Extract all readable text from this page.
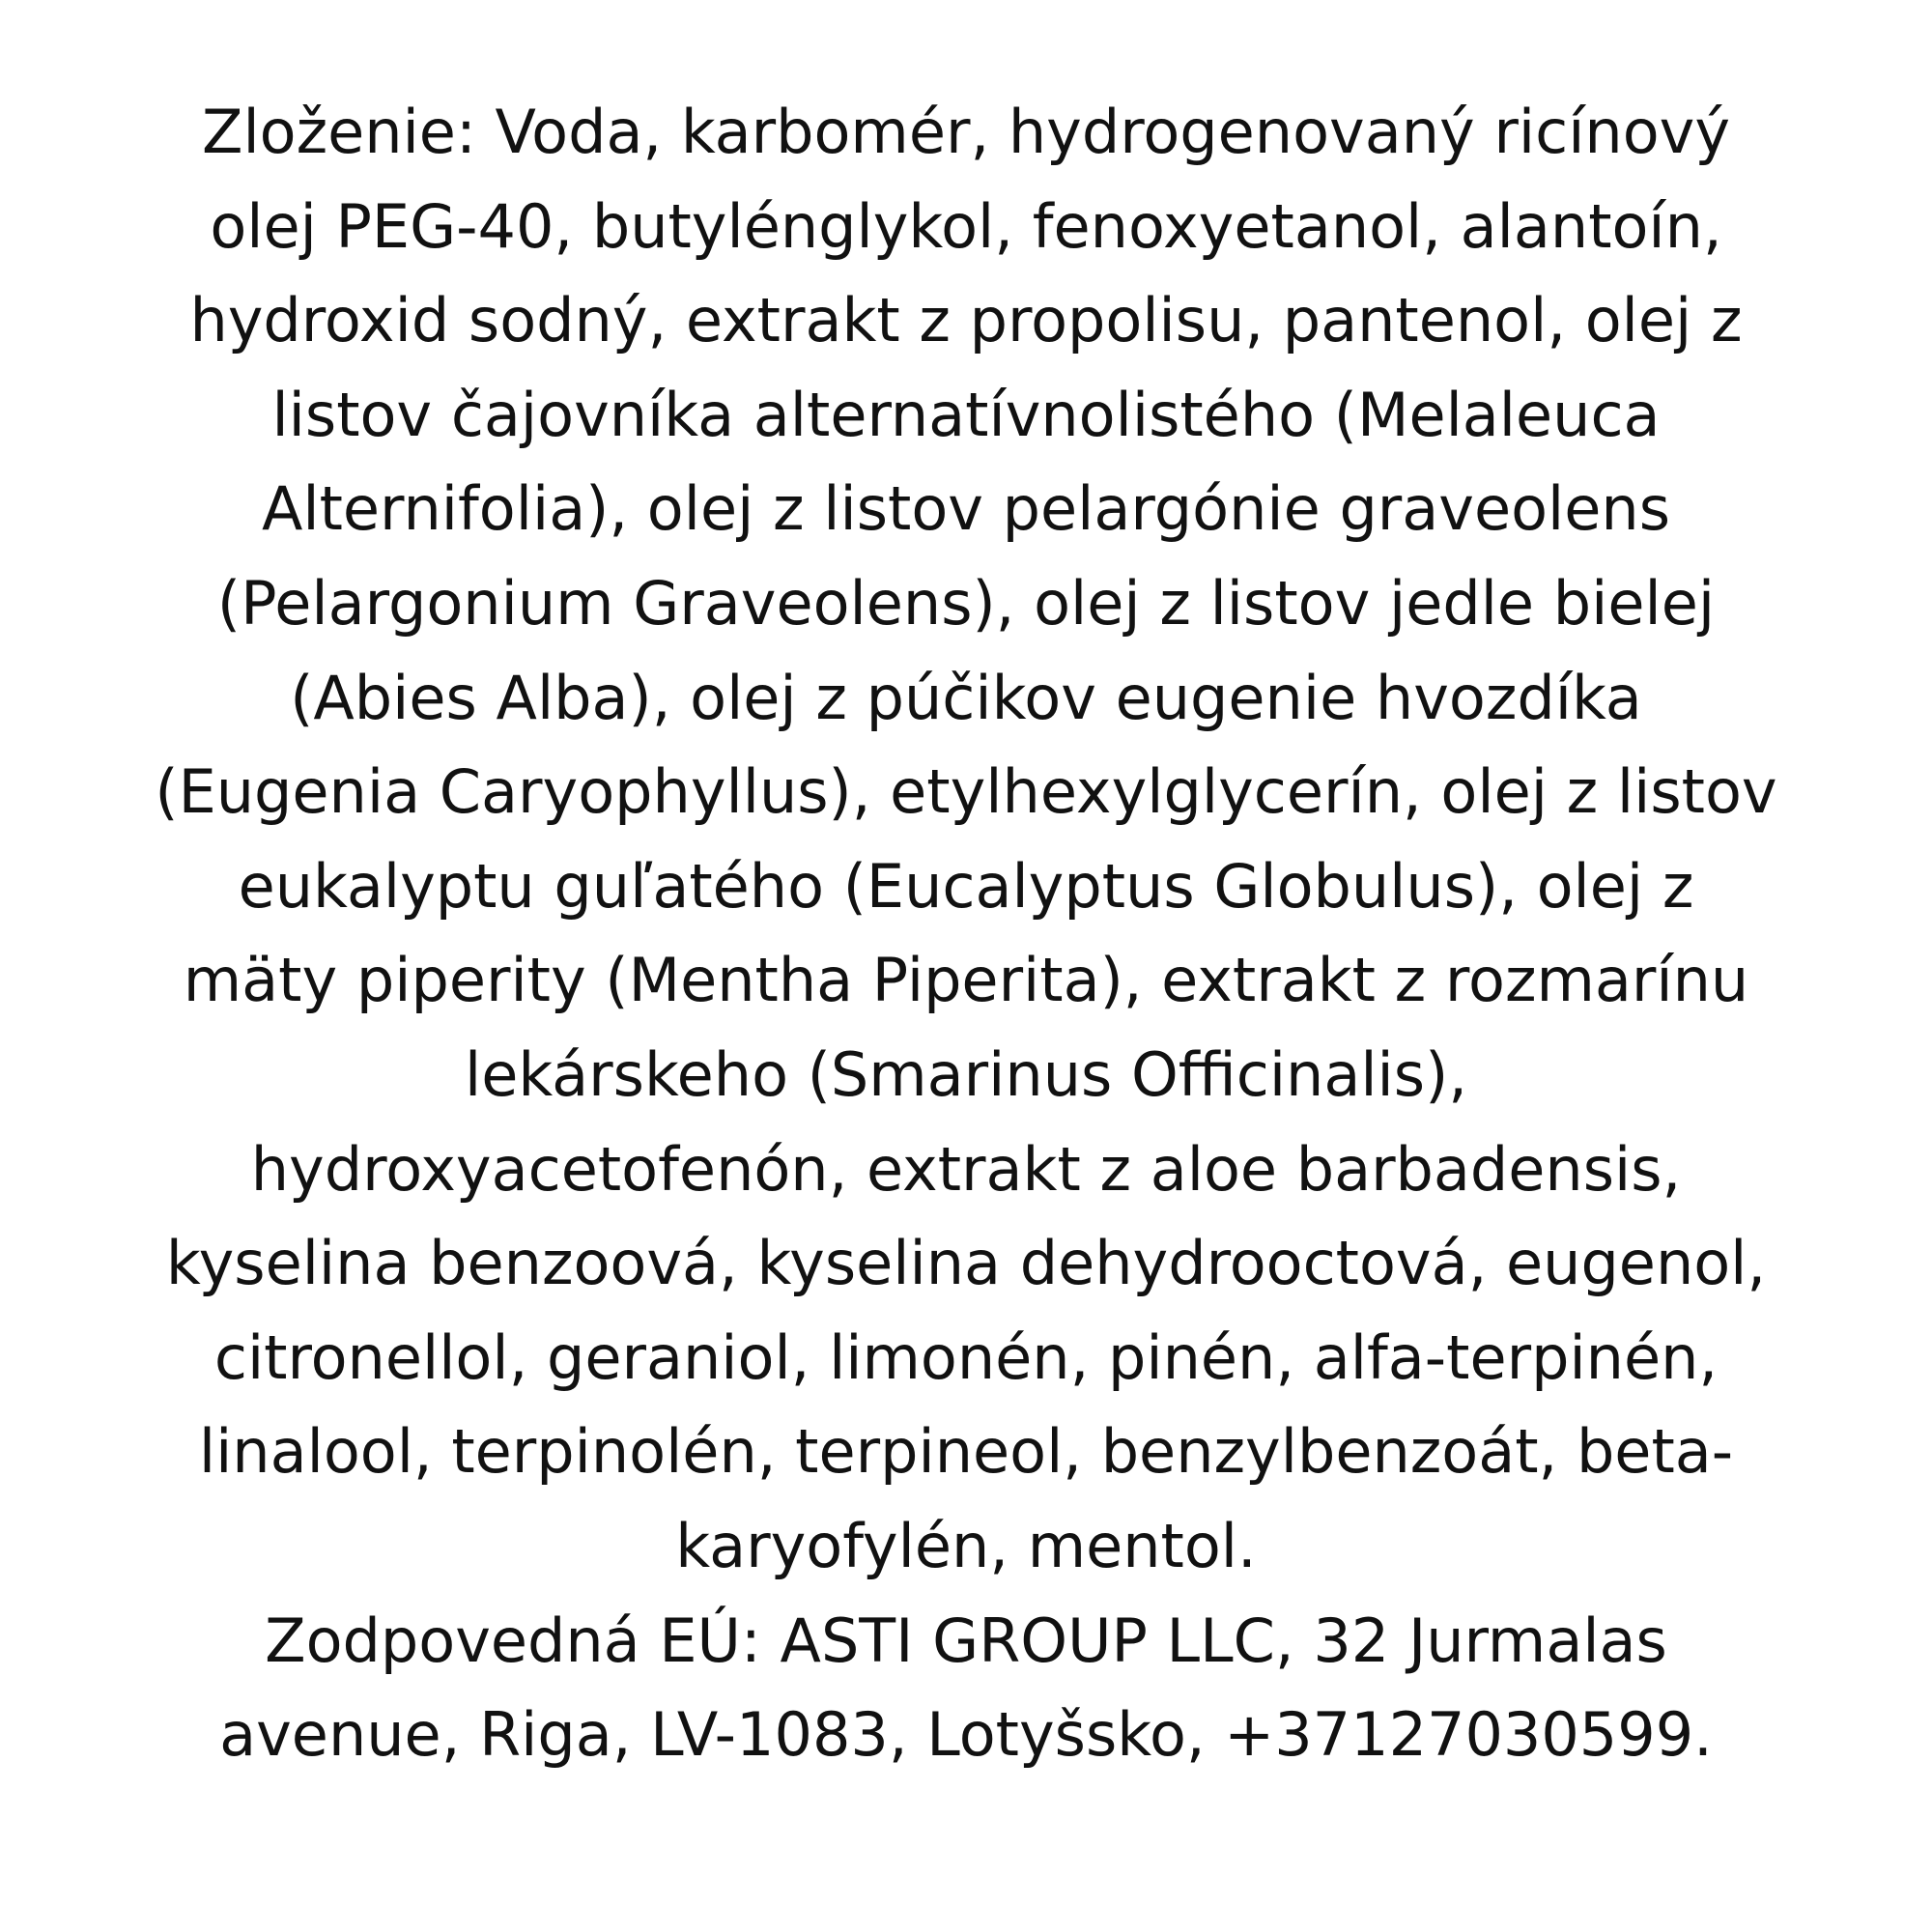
Zloženie: Voda, karbomér, hydrogenovaný ricínový
olej PEG-40, butylénglykol, fenoxyetanol, alantoín,
hydroxid sodný, extrakt z propolisu, pantenol, olej z
listov čajovníka alternatívnolistého (Melaleuca
Alternifolia), olej z listov pelargónie graveolens
(Pelargonium Graveolens), olej z listov jedle bielej
(Abies Alba), olej z púčikov eugenie hvozdíka
(Eugenia Caryophyllus), etylhexylglycerín, olej z listov
eukalyptu guľatého (Eucalyptus Globulus), olej z
mäty piperity (Mentha Piperita), extrakt z rozmarínu
lekárskeho (Smarinus Officinalis),
hydroxyacetofenón, extrakt z aloe barbadensis,
kyselina benzoová, kyselina dehydrooctová, eugenol,
citronellol, geraniol, limonén, pinén, alfa-terpinén,
linalool, terpinolén, terpineol, benzylbenzoát, beta-
karyofylén, mentol.
Zodpovedná EÚ: ASTI GROUP LLC, 32 Jurmalas
avenue, Riga, LV-1083, Lotyšsko, +37127030599.
